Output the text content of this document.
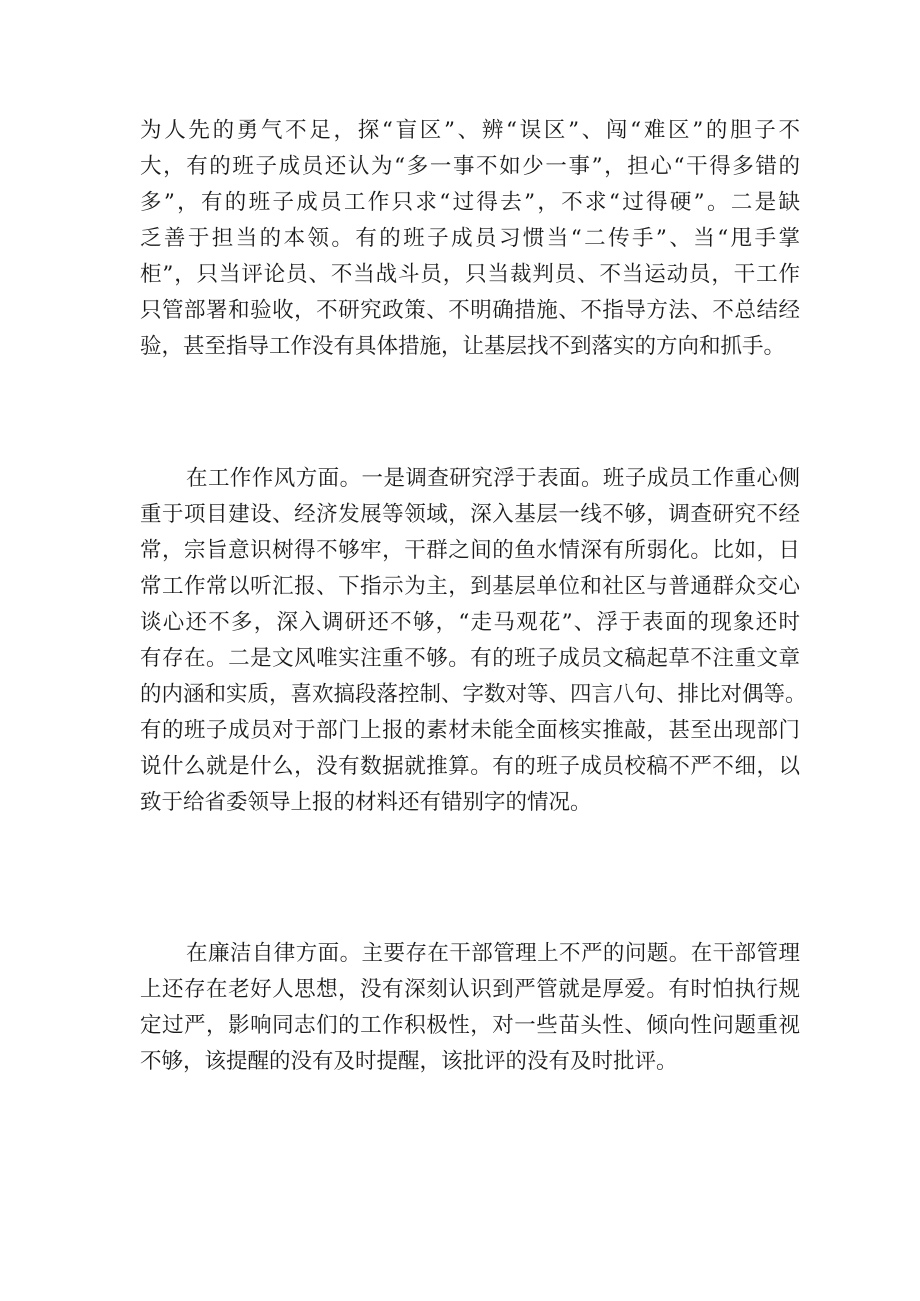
为人先的勇气不足，探“盲区”、辨“误区”、闯“难区”的胆子不
大，有的班子成员还认为“多一事不如少一事”，担心“干得多错的
多”，有的班子成员工作只求“过得去”，不求“过得硬”。二是缺
乏善于担当的本领。有的班子成员习惯当“二传手”、当“甩手掌
柜”，只当评论员、不当战斗员，只当裁判员、不当运动员，干工作
只管部署和验收，不研究政策、不明确措施、不指导方法、不总结经
验，甚至指导工作没有具体措施，让基层找不到落实的方向和抓手。
在工作作风方面。一是调查研究浮于表面。班子成员工作重心侧
重于项目建设、经济发展等领域，深入基层一线不够，调查研究不经
常，宗旨意识树得不够牢，干群之间的鱼水情深有所弱化。比如，日
常工作常以听汇报、下指示为主，到基层单位和社区与普通群众交心
谈心还不多，深入调研还不够，“走马观花”、浮于表面的现象还时
有存在。二是文风唯实注重不够。有的班子成员文稿起草不注重文章
的内涵和实质，喜欢搞段落控制、字数对等、四言八句、排比对偶等。
有的班子成员对于部门上报的素材未能全面核实推敲，甚至出现部门
说什么就是什么，没有数据就推算。有的班子成员校稿不严不细，以
致于给省委领导上报的材料还有错别字的情况。
在廉洁自律方面。主要存在干部管理上不严的问题。在干部管理
上还存在老好人思想，没有深刻认识到严管就是厚爱。有时怕执行规
定过严，影响同志们的工作积极性，对一些苗头性、倾向性问题重视
不够，该提醒的没有及时提醒，该批评的没有及时批评。
